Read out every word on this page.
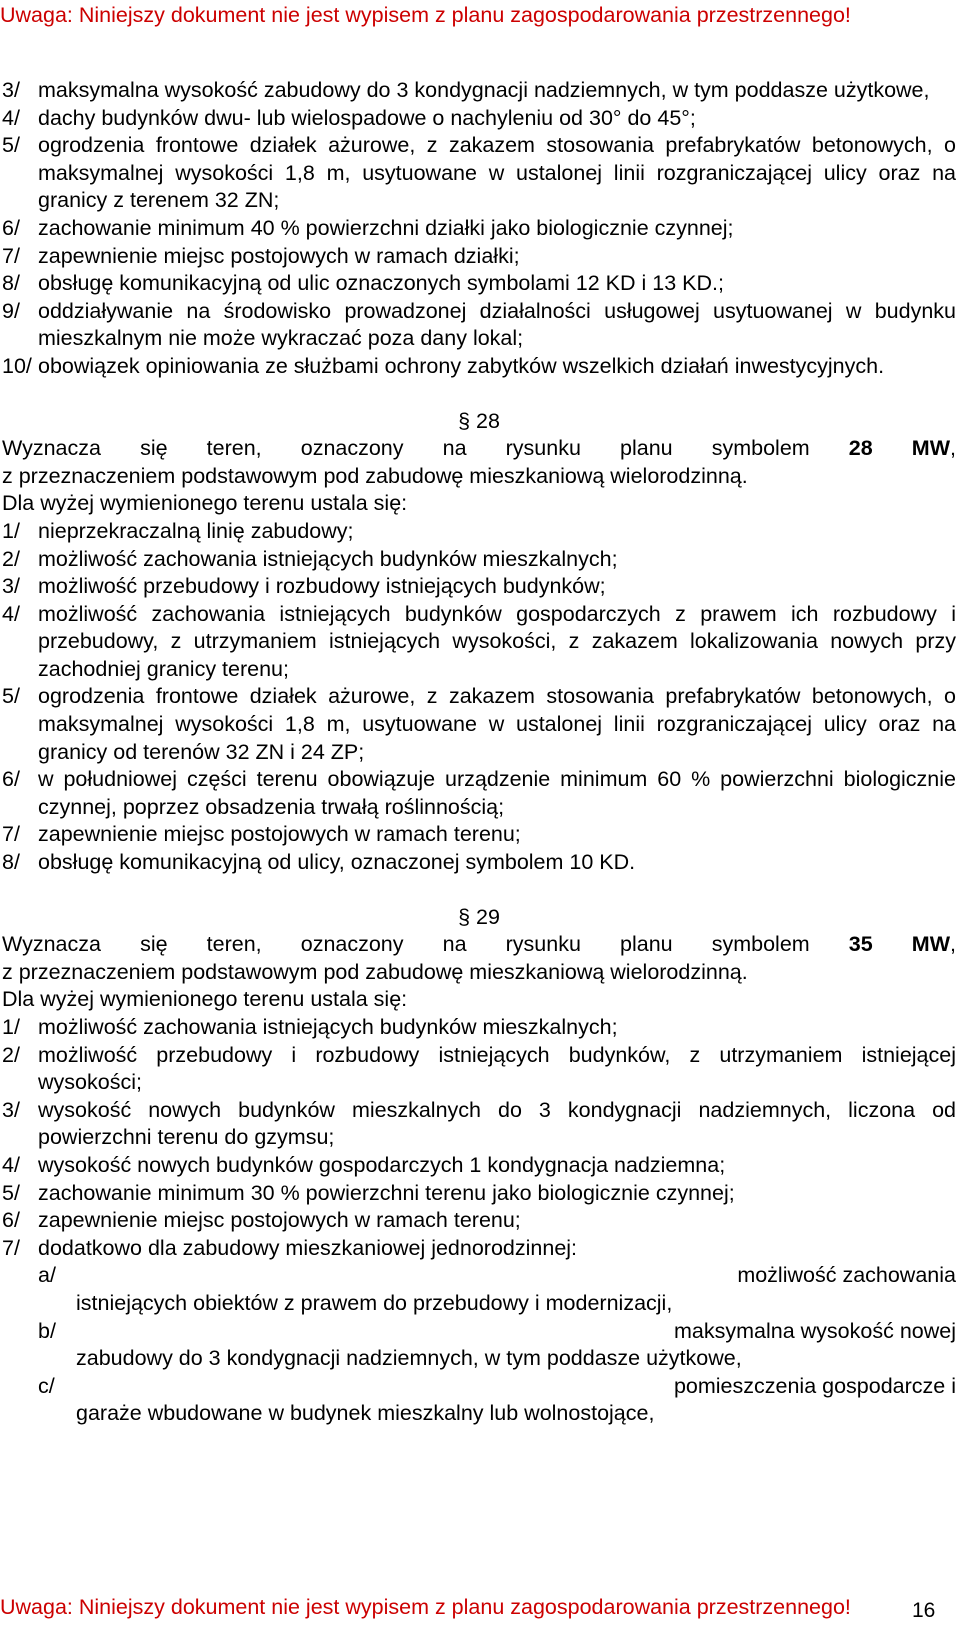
Uwaga: Niniejszy dokument nie jest wypisem z planu zagospodarowania przestrzennego!
3/ maksymalna wysokość zabudowy do 3 kondygnacji nadziemnych, w tym poddasze użytkowe,
4/ dachy budynków dwu- lub wielospadowe o nachyleniu od 30° do 45°;
5/ ogrodzenia frontowe działek ażurowe, z zakazem stosowania prefabrykatów betonowych, o maksymalnej wysokości 1,8 m, usytuowane w ustalonej linii rozgraniczającej ulicy oraz na granicy z terenem 32 ZN;
6/ zachowanie minimum 40 % powierzchni działki jako biologicznie czynnej;
7/ zapewnienie miejsc postojowych w ramach działki;
8/ obsługę komunikacyjną od ulic oznaczonych symbolami 12 KD i 13 KD.;
9/ oddziaływanie na środowisko prowadzonej działalności usługowej usytuowanej w budynku mieszkalnym nie może wykraczać poza dany lokal;
10/ obowiązek opiniowania ze służbami ochrony zabytków wszelkich działań inwestycyjnych.
§ 28
Wyznacza się teren, oznaczony na rysunku planu symbolem 28 MW,
z przeznaczeniem podstawowym pod zabudowę mieszkaniową wielorodzinną.
Dla wyżej wymienionego terenu ustala się:
1/ nieprzekraczalną linię zabudowy;
2/ możliwość zachowania istniejących budynków mieszkalnych;
3/ możliwość przebudowy i rozbudowy istniejących budynków;
4/ możliwość zachowania istniejących budynków gospodarczych z prawem ich rozbudowy i przebudowy, z utrzymaniem istniejących wysokości, z zakazem lokalizowania nowych przy zachodniej granicy terenu;
5/ ogrodzenia frontowe działek ażurowe, z zakazem stosowania prefabrykatów betonowych, o maksymalnej wysokości 1,8 m, usytuowane w ustalonej linii rozgraniczającej ulicy oraz na granicy od terenów 32 ZN i 24 ZP;
6/ w południowej części terenu obowiązuje urządzenie minimum 60 % powierzchni biologicznie czynnej, poprzez obsadzenia trwałą roślinnością;
7/ zapewnienie miejsc postojowych w ramach terenu;
8/ obsługę komunikacyjną od ulicy, oznaczonej symbolem 10 KD.
§ 29
Wyznacza się teren, oznaczony na rysunku planu symbolem 35 MW,
z przeznaczeniem podstawowym pod zabudowę mieszkaniową wielorodzinną.
Dla wyżej wymienionego terenu ustala się:
1/ możliwość zachowania istniejących budynków mieszkalnych;
2/ możliwość przebudowy i rozbudowy istniejących budynków, z utrzymaniem istniejącej wysokości;
3/ wysokość nowych budynków mieszkalnych do 3 kondygnacji nadziemnych, liczona od powierzchni terenu do gzymsu;
4/ wysokość nowych budynków gospodarczych 1 kondygnacja nadziemna;
5/ zachowanie minimum 30 % powierzchni terenu jako biologicznie czynnej;
6/ zapewnienie miejsc postojowych w ramach terenu;
7/ dodatkowo dla zabudowy mieszkaniowej jednorodzinnej:
a/	możliwość zachowania
istniejących obiektów z prawem do przebudowy i modernizacji,
b/	maksymalna wysokość nowej
zabudowy do 3 kondygnacji nadziemnych, w tym poddasze użytkowe,
c/	pomieszczenia gospodarcze i
garaże wbudowane w budynek mieszkalny lub wolnostojące,
Uwaga: Niniejszy dokument nie jest wypisem z planu zagospodarowania przestrzennego!	16
